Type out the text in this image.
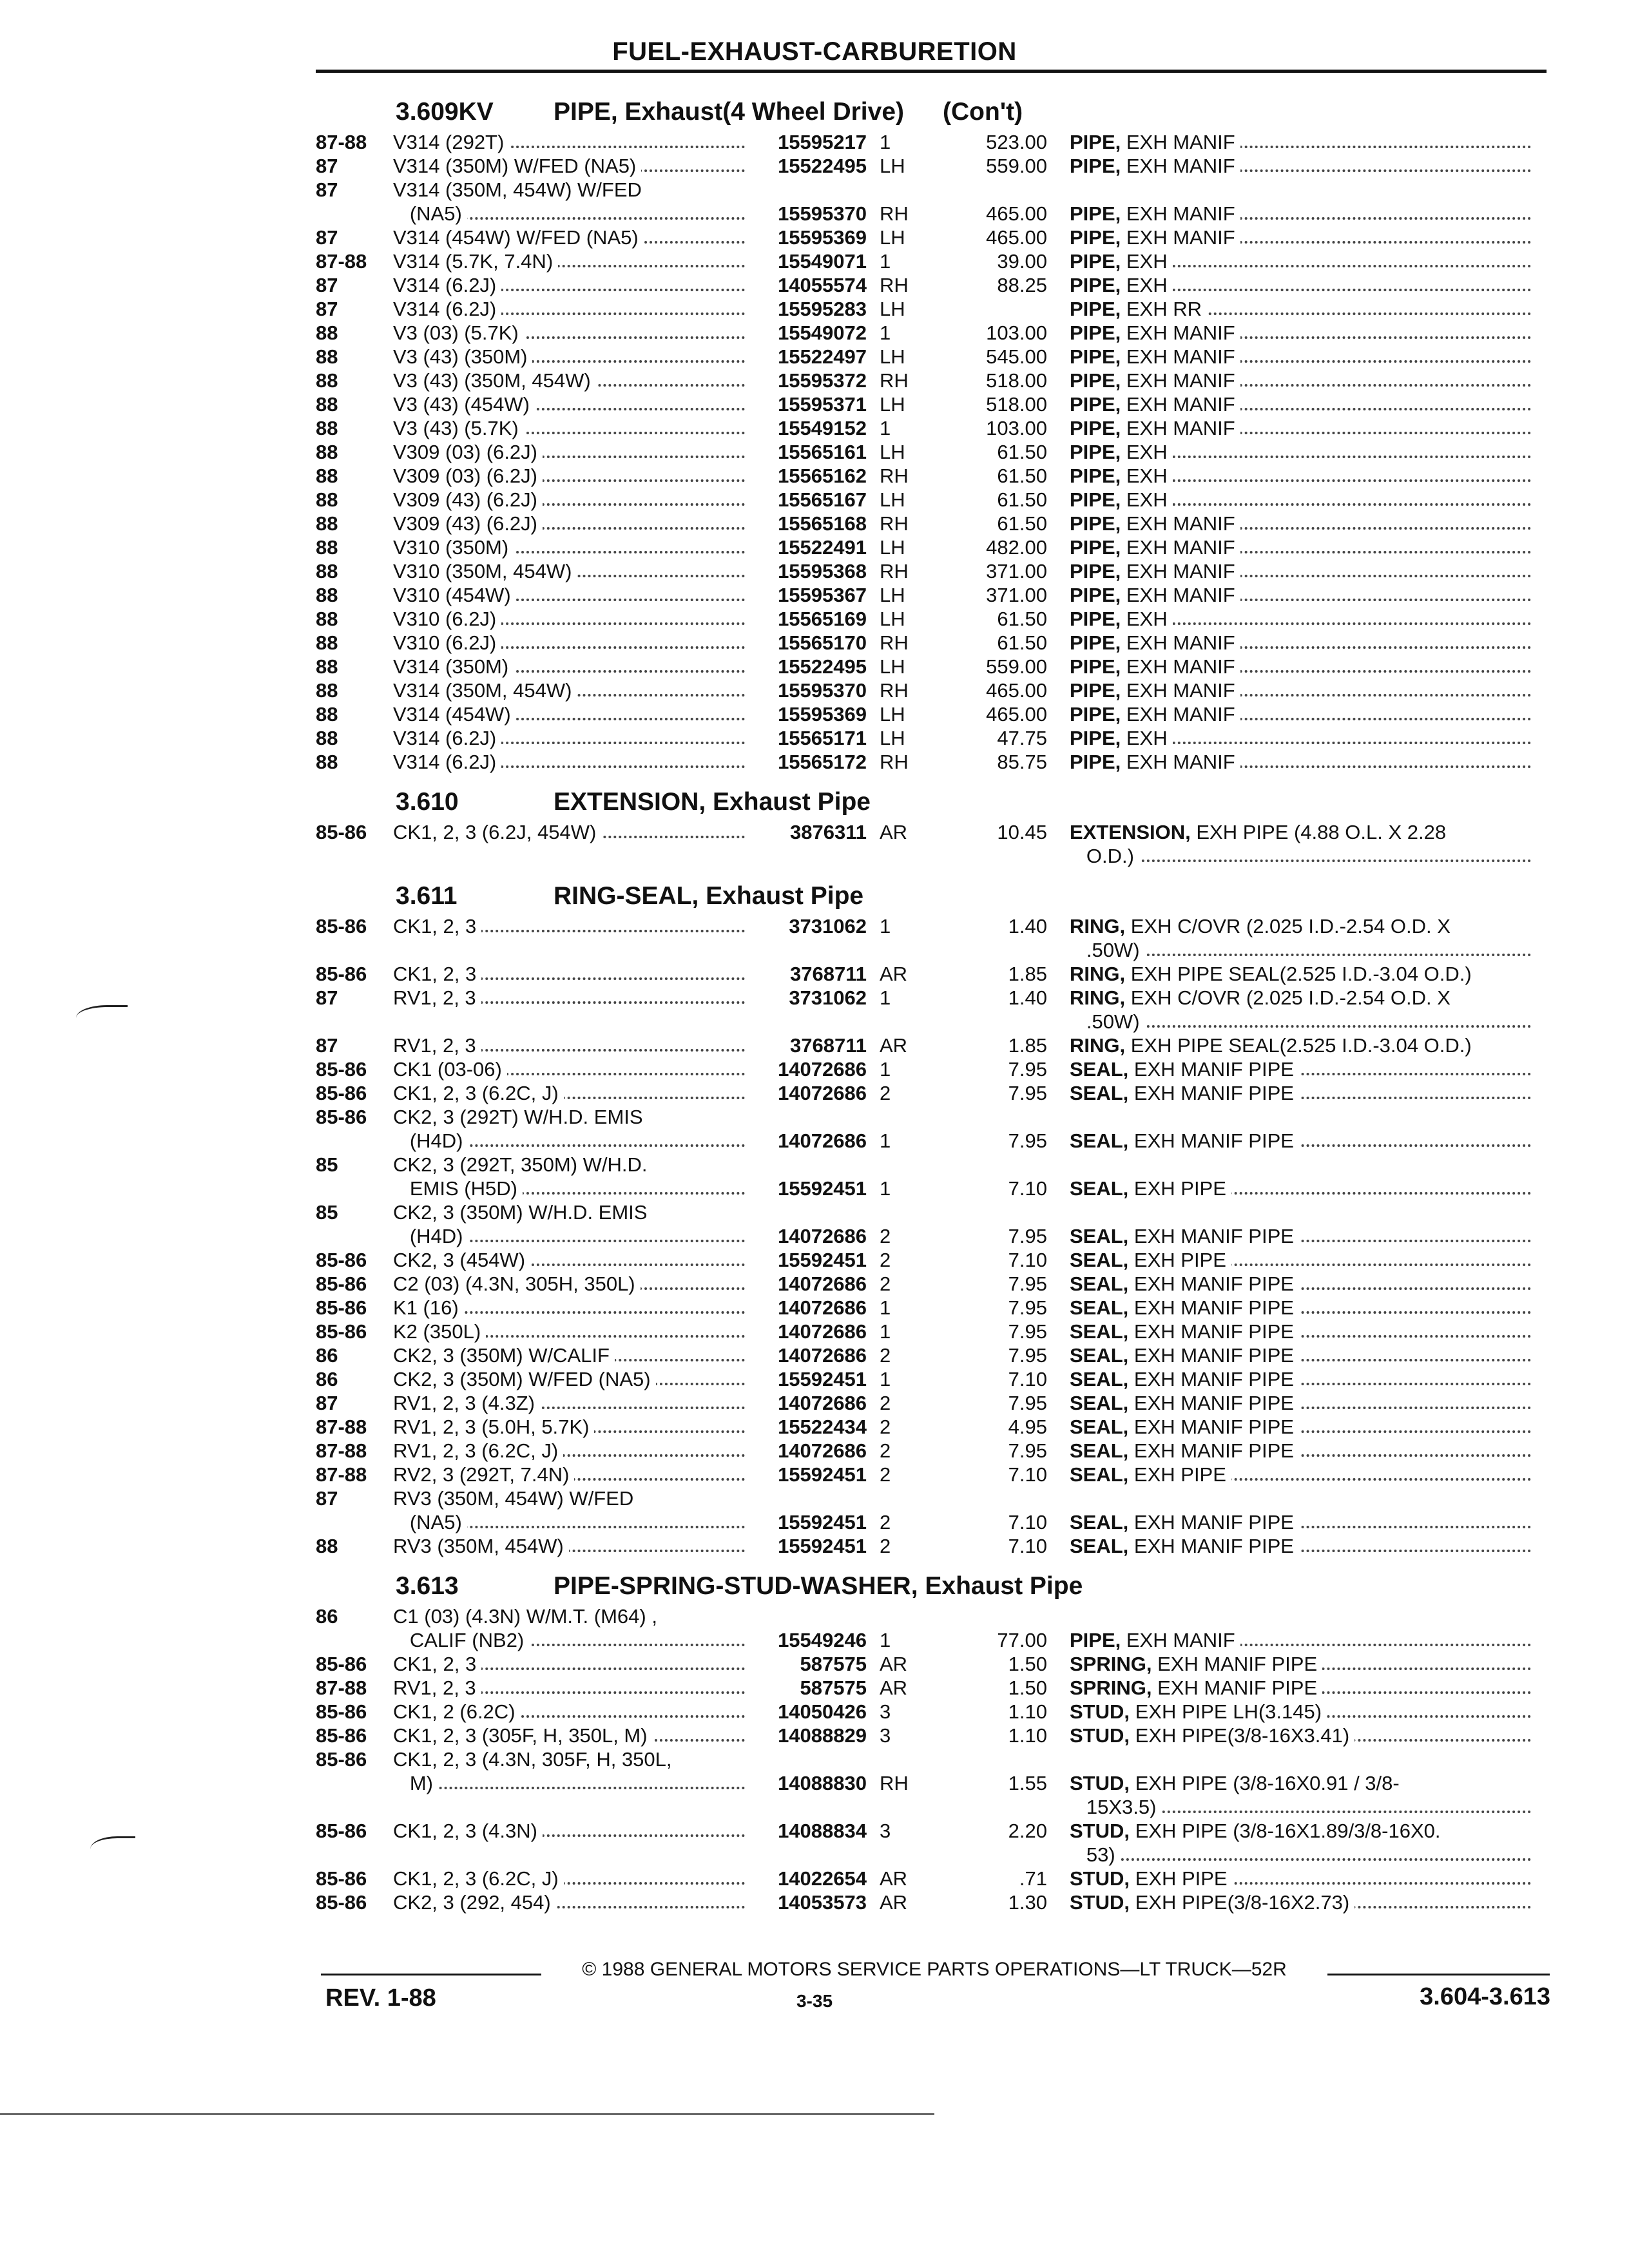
FUEL-EXHAUST-CARBURETION
3.609KV	PIPE, Exhaust(4 Wheel Drive) (Con't)
87-88	V314 (292T)	15595217 1	523.00 PIPE, EXH MANIF
87	V314 (350M) W/FED (NA5)	15522495 LH	559.00 PIPE, EXH MANIF
87	V314 (350M, 454W) W/FED
(NA5)	15595370 RH	465.00 PIPE, EXH MANIF
87	V314 (454W) W/FED (NA5)	15595369 LH	465.00 PIPE, EXH MANIF
87-88	V314 (5.7K, 7.4N)	15549071 1	39.00 PIPE, EXH
87	V314 (6.2J)	14055574 RH	88.25 PIPE, EXH
87	V314 (6.2J)	15595283 LH	PIPE, EXH RR
88	V3 (03) (5.7K)	15549072 1	103.00 PIPE, EXH MANIF
88	V3 (43) (350M)	15522497 LH	545.00 PIPE, EXH MANIF
88	V3 (43) (350M, 454W)	15595372 RH	518.00 PIPE, EXH MANIF
88	V3 (43) (454W)	15595371 LH	518.00 PIPE, EXH MANIF
88	V3 (43) (5.7K)	15549152 1	103.00 PIPE, EXH MANIF
88	V309 (03) (6.2J)	15565161 LH	61.50 PIPE, EXH
88	V309 (03) (6.2J)	15565162 RH	61.50 PIPE, EXH
88	V309 (43) (6.2J)	15565167 LH	61.50 PIPE, EXH
88	V309 (43) (6.2J)	15565168 RH	61.50 PIPE, EXH MANIF
88	V310 (350M)	15522491 LH	482.00 PIPE, EXH MANIF
88	V310 (350M, 454W)	15595368 RH	371.00 PIPE, EXH MANIF
88	V310 (454W)	15595367 LH	371.00 PIPE, EXH MANIF
88	V310 (6.2J)	15565169 LH	61.50 PIPE, EXH
88	V310 (6.2J)	15565170 RH	61.50 PIPE, EXH MANIF
88	V314 (350M)	15522495 LH	559.00 PIPE, EXH MANIF
88	V314 (350M, 454W)	15595370 RH	465.00 PIPE, EXH MANIF
88	V314 (454W)	15595369 LH	465.00 PIPE, EXH MANIF
88	V314 (6.2J)	15565171 LH	47.75 PIPE, EXH
88	V314 (6.2J)	15565172 RH	85.75 PIPE, EXH MANIF
3.610	EXTENSION, Exhaust Pipe
85-86	CK1, 2, 3 (6.2J, 454W)	3876311 AR	10.45 EXTENSION, EXH PIPE (4.88 O.L. X 2.28
O.D.)
3.611	RING-SEAL, Exhaust Pipe
85-86	CK1, 2, 3	3731062 1	1.40 RING, EXH C/OVR (2.025 I.D.-2.54 O.D. X
.50W)
85-86	CK1, 2, 3	3768711 AR	1.85 RING, EXH PIPE SEAL(2.525 I.D.-3.04 O.D.)
87	RV1, 2, 3	3731062 1	1.40 RING, EXH C/OVR (2.025 I.D.-2.54 O.D. X
.50W)
87	RV1, 2, 3	3768711 AR	1.85 RING, EXH PIPE SEAL(2.525 I.D.-3.04 O.D.)
85-86	CK1 (03-06)	14072686 1	7.95 SEAL, EXH MANIF PIPE
85-86	CK1, 2, 3 (6.2C, J)	14072686 2	7.95 SEAL, EXH MANIF PIPE
85-86	CK2, 3 (292T) W/H.D. EMIS
(H4D)	14072686 1	7.95 SEAL, EXH MANIF PIPE
85	CK2, 3 (292T, 350M) W/H.D.
EMIS (H5D)	15592451 1	7.10 SEAL, EXH PIPE
85	CK2, 3 (350M) W/H.D. EMIS
(H4D)	14072686 2	7.95 SEAL, EXH MANIF PIPE
85-86	CK2, 3 (454W)	15592451 2	7.10 SEAL, EXH PIPE
85-86	C2 (03) (4.3N, 305H, 350L)	14072686 2	7.95 SEAL, EXH MANIF PIPE
85-86	K1 (16)	14072686 1	7.95 SEAL, EXH MANIF PIPE
85-86	K2 (350L)	14072686 1	7.95 SEAL, EXH MANIF PIPE
86	CK2, 3 (350M) W/CALIF	14072686 2	7.95 SEAL, EXH MANIF PIPE
86	CK2, 3 (350M) W/FED (NA5)	15592451 1	7.10 SEAL, EXH MANIF PIPE
87	RV1, 2, 3 (4.3Z)	14072686 2	7.95 SEAL, EXH MANIF PIPE
87-88	RV1, 2, 3 (5.0H, 5.7K)	15522434 2	4.95 SEAL, EXH MANIF PIPE
87-88	RV1, 2, 3 (6.2C, J)	14072686 2	7.95 SEAL, EXH MANIF PIPE
87-88	RV2, 3 (292T, 7.4N)	15592451 2	7.10 SEAL, EXH PIPE
87	RV3 (350M, 454W) W/FED
(NA5)	15592451 2	7.10 SEAL, EXH MANIF PIPE
88	RV3 (350M, 454W)	15592451 2	7.10 SEAL, EXH MANIF PIPE
3.613	PIPE-SPRING-STUD-WASHER, Exhaust Pipe
86	C1 (03) (4.3N) W/M.T. (M64) ,
CALIF (NB2)	15549246 1	77.00 PIPE, EXH MANIF
85-86	CK1, 2, 3	587575 AR	1.50 SPRING, EXH MANIF PIPE
87-88	RV1, 2, 3	587575 AR	1.50 SPRING, EXH MANIF PIPE
85-86	CK1, 2 (6.2C)	14050426 3	1.10 STUD, EXH PIPE LH(3.145)
85-86	CK1, 2, 3 (305F, H, 350L, M)	14088829 3	1.10 STUD, EXH PIPE(3/8-16X3.41)
85-86	CK1, 2, 3 (4.3N, 305F, H, 350L,
M)	14088830 RH	1.55 STUD, EXH PIPE (3/8-16X0.91 / 3/8-
15X3.5)
85-86	CK1, 2, 3 (4.3N)	14088834 3	2.20 STUD, EXH PIPE (3/8-16X1.89/3/8-16X0.
53)
85-86	CK1, 2, 3 (6.2C, J)	14022654 AR	.71 STUD, EXH PIPE
85-86	CK2, 3 (292, 454)	14053573 AR	1.30 STUD, EXH PIPE(3/8-16X2.73)
© 1988 GENERAL MOTORS SERVICE PARTS OPERATIONS—LT TRUCK—52R
REV. 1-88	3-35	3.604-3.613
